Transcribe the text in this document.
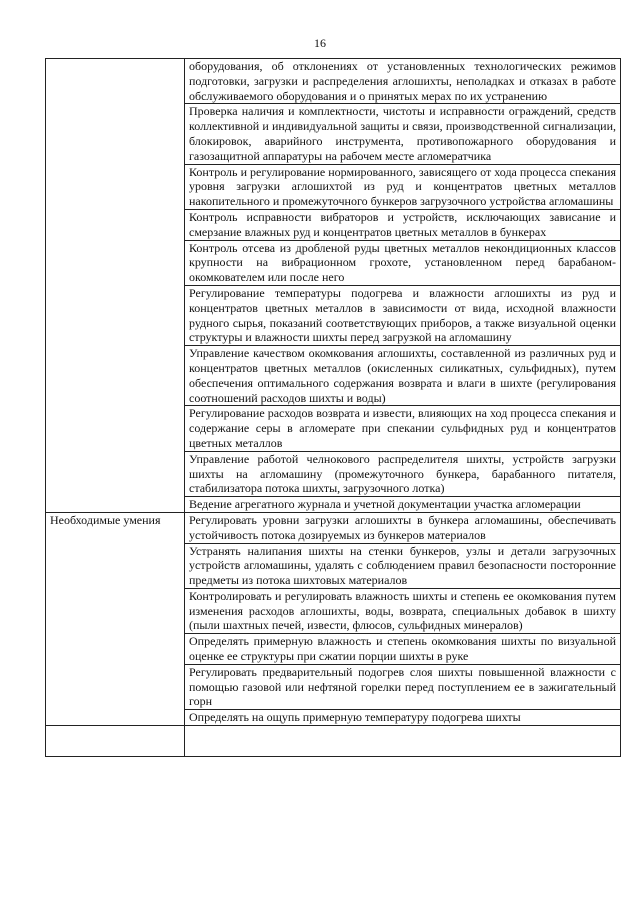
16
	оборудования, об отклонениях от установленных технологических режимов подготовки, загрузки и распределения аглошихты, неполадках и отказах в работе обслуживаемого оборудования и о принятых мерах по их устранению
	Проверка наличия и комплектности, чистоты и исправности ограждений, средств коллективной и индивидуальной защиты и связи, производственной сигнализации, блокировок, аварийного инструмента, противопожарного оборудования и газозащитной аппаратуры на рабочем месте агломератчика
	Контроль и регулирование нормированного, зависящего от хода процесса спекания уровня загрузки аглошихтой из руд и концентратов цветных металлов накопительного и промежуточного бункеров загрузочного устройства агломашины
	Контроль исправности вибраторов и устройств, исключающих зависание и смерзание влажных руд и концентратов цветных металлов в бункерах
	Контроль отсева из дробленой руды цветных металлов некондиционных классов крупности на вибрационном грохоте, установленном перед барабаном-окомкователем или после него
	Регулирование температуры подогрева и влажности аглошихты из руд и концентратов цветных металлов в зависимости от вида, исходной влажности рудного сырья, показаний соответствующих приборов, а также визуальной оценки структуры и влажности шихты перед загрузкой на агломашину
	Управление качеством окомкования аглошихты, составленной из различных руд и концентратов цветных металлов (окисленных силикатных, сульфидных), путем обеспечения оптимального содержания возврата и влаги в шихте (регулирования соотношений расходов шихты и воды)
	Регулирование расходов возврата и извести, влияющих на ход процесса спекания и содержание серы в агломерате при спекании сульфидных руд и концентратов цветных металлов
	Управление работой челнокового распределителя шихты, устройств загрузки шихты на агломашину (промежуточного бункера, барабанного питателя, стабилизатора потока шихты, загрузочного лотка)
	Ведение агрегатного журнала и учетной документации участка агломерации
Необходимые умения	Регулировать уровни загрузки аглошихты в бункера агломашины, обеспечивать устойчивость потока дозируемых из бункеров материалов
	Устранять налипания шихты на стенки бункеров, узлы и детали загрузочных устройств агломашины, удалять с соблюдением правил безопасности посторонние предметы из потока шихтовых материалов
	Контролировать и регулировать влажность шихты и степень ее окомкования путем изменения расходов аглошихты, воды, возврата, специальных добавок в шихту (пыли шахтных печей, извести, флюсов, сульфидных минералов)
	Определять примерную влажность и степень окомкования шихты по визуальной оценке ее структуры при сжатии порции шихты в руке
	Регулировать предварительный подогрев слоя шихты повышенной влажности с помощью газовой или нефтяной горелки перед поступлением ее в зажигательный горн
	Определять на ощупь примерную температуру подогрева шихты
